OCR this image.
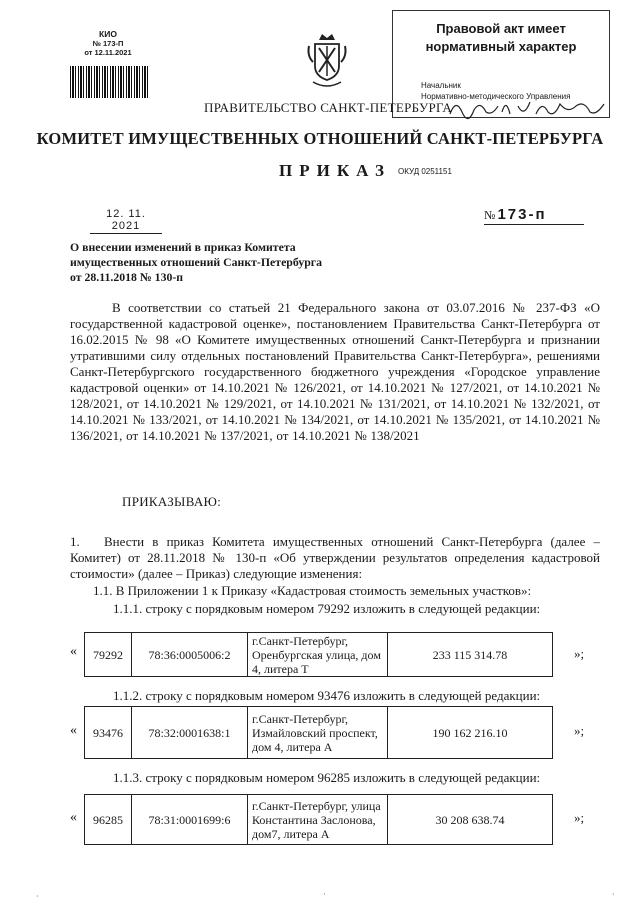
КИО
№ 173-П
от 12.11.2021
Правовой акт имеет
нормативный характер
Начальник
Нормативно-методического Управления
ПРАВИТЕЛЬСТВО САНКТ-ПЕТЕРБУРГА
КОМИТЕТ ИМУЩЕСТВЕННЫХ ОТНОШЕНИЙ САНКТ-ПЕТЕРБУРГА
ПРИКАЗ ОКУД 0251151
12. 11. 2021
№ 173-п
О внесении изменений в приказ Комитета
имущественных отношений Санкт-Петербурга
от 28.11.2018 № 130-п
В соответствии со статьей 21 Федерального закона от 03.07.2016 № 237-ФЗ «О государственной кадастровой оценке», постановлением Правительства Санкт-Петербурга от 16.02.2015 № 98 «О Комитете имущественных отношений Санкт-Петербурга и признании утратившими силу отдельных постановлений Правительства Санкт-Петербурга», решениями Санкт-Петербургского государственного бюджетного учреждения «Городское управление кадастровой оценки» от 14.10.2021 № 126/2021, от 14.10.2021 № 127/2021, от 14.10.2021 № 128/2021, от 14.10.2021 № 129/2021, от 14.10.2021 № 131/2021, от 14.10.2021 № 132/2021, от 14.10.2021 № 133/2021, от 14.10.2021 № 134/2021, от 14.10.2021 № 135/2021, от 14.10.2021 № 136/2021, от 14.10.2021 № 137/2021, от 14.10.2021 № 138/2021
ПРИКАЗЫВАЮ:
1. Внести в приказ Комитета имущественных отношений Санкт-Петербурга (далее – Комитет) от 28.11.2018 № 130-п «Об утверждении результатов определения кадастровой стоимости» (далее – Приказ) следующие изменения:
1.1. В Приложении 1 к Приказу «Кадастровая стоимость земельных участков»:
1.1.1. строку с порядковым номером 79292 изложить в следующей редакции:
« 79292	78:36:0005006:2	г.Санкт-Петербург, Оренбургская улица, дом 4, литера Т	233 115 314.78	»;
1.1.2. строку с порядковым номером 93476 изложить в следующей редакции:
« 93476	78:32:0001638:1	г.Санкт-Петербург, Измайловский проспект, дом 4, литера А	190 162 216.10	»;
1.1.3. строку с порядковым номером 96285 изложить в следующей редакции:
« 96285	78:31:0001699:6	г.Санкт-Петербург, улица Константина Заслонова, дом7, литера А	30 208 638.74	»;
·	·	·
